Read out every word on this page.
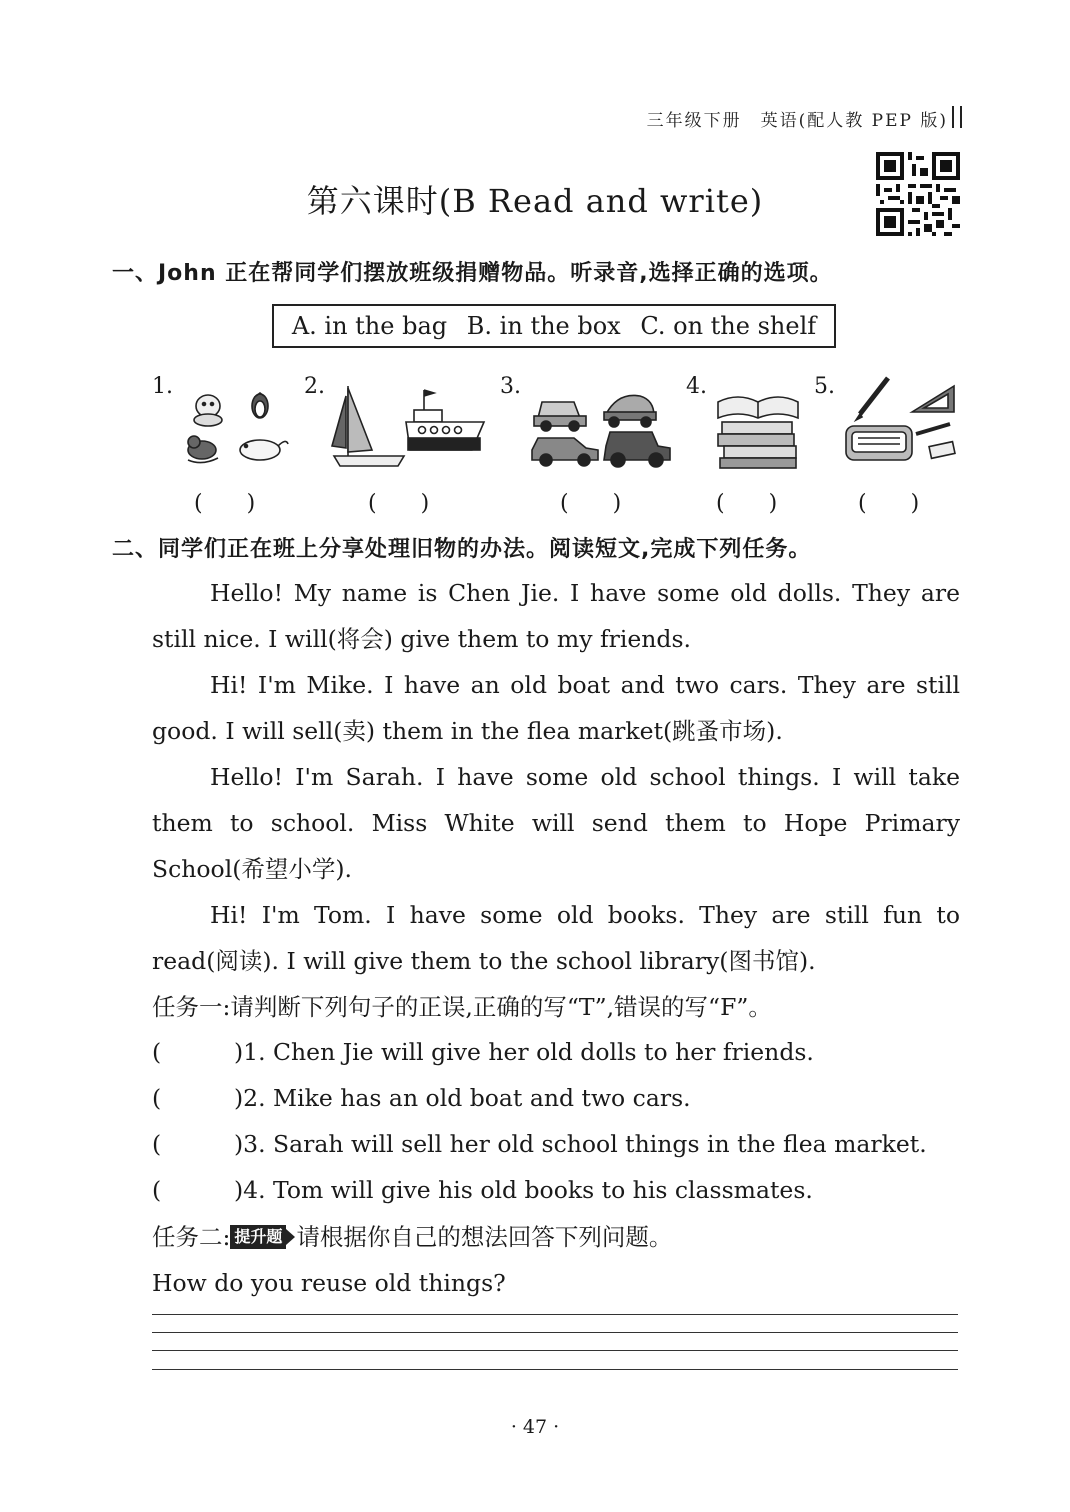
三年级下册　英语(配人教 PEP 版)
第六课时(B Read and write)
一、John 正在帮同学们摆放班级捐赠物品。听录音,选择正确的选项。
A. in the bag B. in the box C. on the shelf
1.	2.	3.	4.	5.
(　　)	(　　)	(　　)	(　　)	(　　)
二、同学们正在班上分享处理旧物的办法。阅读短文,完成下列任务。
Hello! My name is Chen Jie. I have some old dolls. They are still nice. I will(将会) give them to my friends.
Hi! I'm Mike. I have an old boat and two cars. They are still good. I will sell(卖) them in the flea market(跳蚤市场).
Hello! I'm Sarah. I have some old school things. I will take them to school. Miss White will send them to Hope Primary School(希望小学).
Hi! I'm Tom. I have some old books. They are still fun to read(阅读). I will give them to the school library(图书馆).
任务一:请判断下列句子的正误,正确的写“T”,错误的写“F”。
(	)1. Chen Jie will give her old dolls to her friends.
(	)2. Mike has an old boat and two cars.
(	)3. Sarah will sell her old school things in the flea market.
(	)4. Tom will give his old books to his classmates.
任务二: 提升题 请根据你自己的想法回答下列问题。
How do you reuse old things?
· 47 ·
